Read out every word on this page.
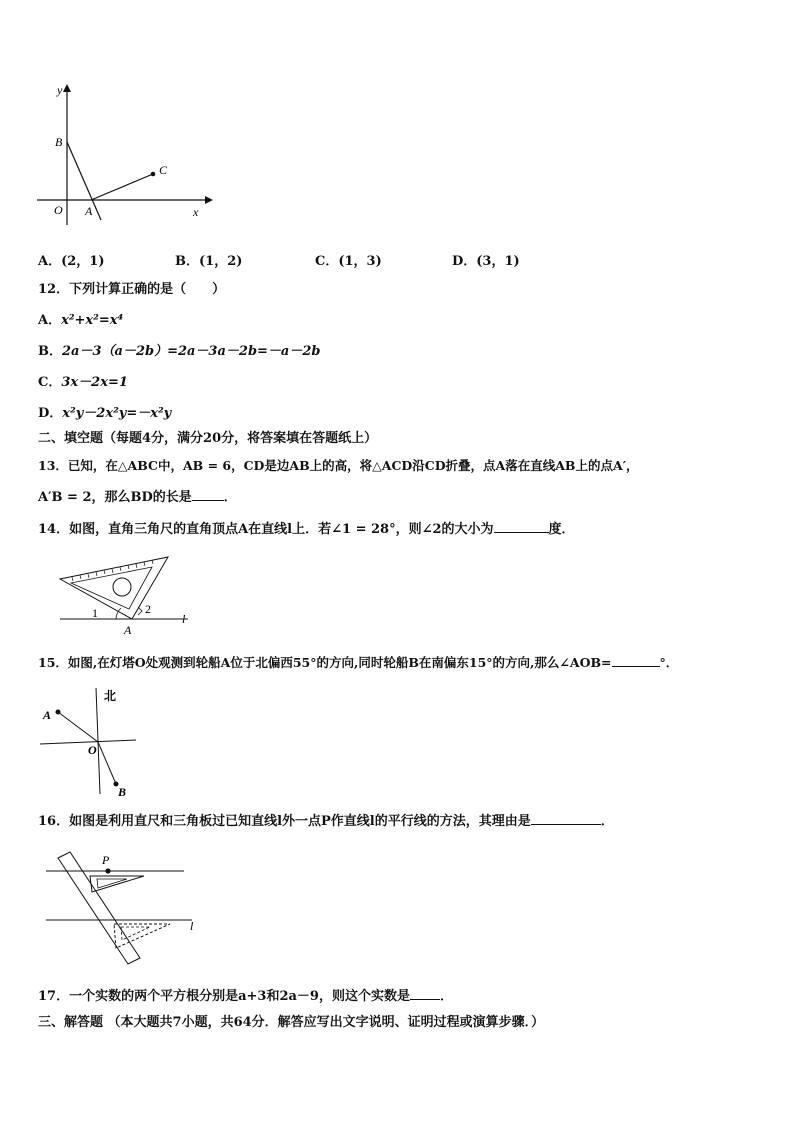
y
x
O
B
A
C
A．(2，1)	B．(1，2)	C．(1，3)	D．(3，1)
12．下列计算正确的是（　　）
A．x²+x²=x⁴
B．2a－3（a－2b）=2a－3a－2b=－a－2b
C．3x－2x=1
D．x²y－2x²y=－x²y
二、填空题（每题4分，满分20分，将答案填在答题纸上）
13．已知，在△ABC中，AB = 6，CD是边AB上的高，将△ACD沿CD折叠，点A落在直线AB上的点A′，
A′B = 2，那么BD的长是 ．
14．如图，直角三角尺的直角顶点A在直线l上．若∠1 = 28°，则∠2的大小为	度．
1	2
A
l
15．如图,在灯塔O处观测到轮船A位于北偏西55°的方向,同时轮船B在南偏东15°的方向,那么∠AOB=	°．
北
A
O
B
16．如图是利用直尺和三角板过已知直线l外一点P作直线l的平行线的方法，其理由是	．
P
l
17．一个实数的两个平方根分别是a+3和2a－9，则这个实数是 ．
三、解答题 （本大题共7小题，共64分．解答应写出文字说明、证明过程或演算步骤．）
